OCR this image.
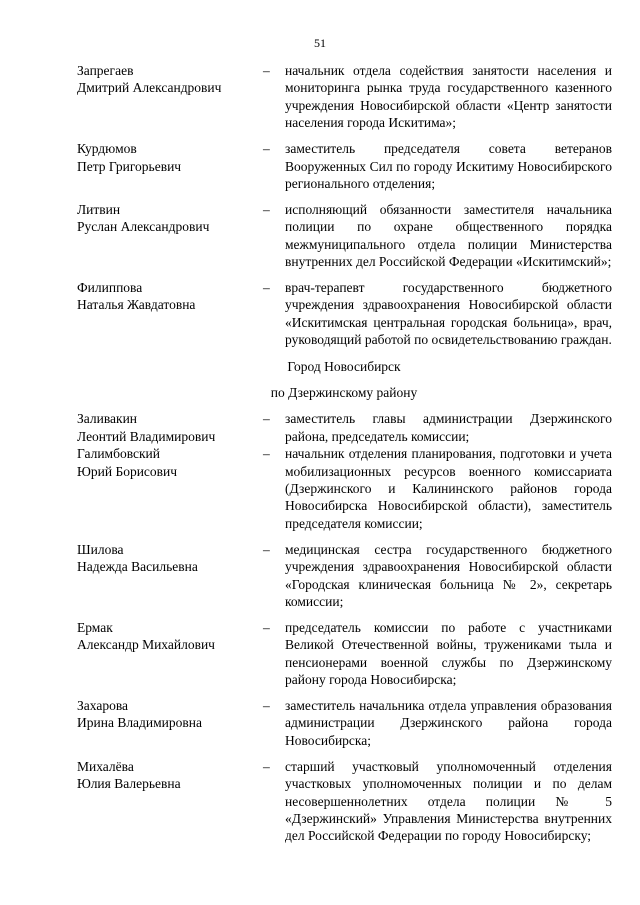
51
Запрегаев
Дмитрий Александрович
–	начальник отдела содействия занятости населения и мониторинга рынка труда государственного казенного учреждения Новосибирской области «Центр занятости населения города Искитима»;
Курдюмов
Петр Григорьевич
–	заместитель председателя совета ветеранов Вооруженных Сил по городу Искитиму Новосибирского регионального отделения;
Литвин
Руслан Александрович
–	исполняющий обязанности заместителя начальника полиции по охране общественного порядка межмуниципального отдела полиции Министерства внутренних дел Российской Федерации «Искитимский»;
Филиппова
Наталья Жавдатовна
–	врач-терапевт государственного бюджетного учреждения здравоохранения Новосибирской области «Искитимская центральная городская больница», врач, руководящий работой по освидетельствованию граждан.
Город Новосибирск
по Дзержинскому району
Заливакин
Леонтий Владимирович
–	заместитель главы администрации Дзержинского района, председатель комиссии;
Галимбовский
Юрий Борисович
–	начальник отделения планирования, подготовки и учета мобилизационных ресурсов военного комиссариата (Дзержинского и Калининского районов города Новосибирска Новосибирской области), заместитель председателя комиссии;
Шилова
Надежда Васильевна
–	медицинская сестра государственного бюджетного учреждения здравоохранения Новосибирской области «Городская клиническая больница № 2», секретарь комиссии;
Ермак
Александр Михайлович
–	председатель комиссии по работе с участниками Великой Отечественной войны, тружениками тыла и пенсионерами военной службы по Дзержинскому району города Новосибирска;
Захарова
Ирина Владимировна
–	заместитель начальника отдела управления образования администрации Дзержинского района города Новосибирска;
Михалёва
Юлия Валерьевна
–	старший участковый уполномоченный отделения участковых уполномоченных полиции и по делам несовершеннолетних отдела полиции № 5 «Дзержинский» Управления Министерства внутренних дел Российской Федерации по городу Новосибирску;
